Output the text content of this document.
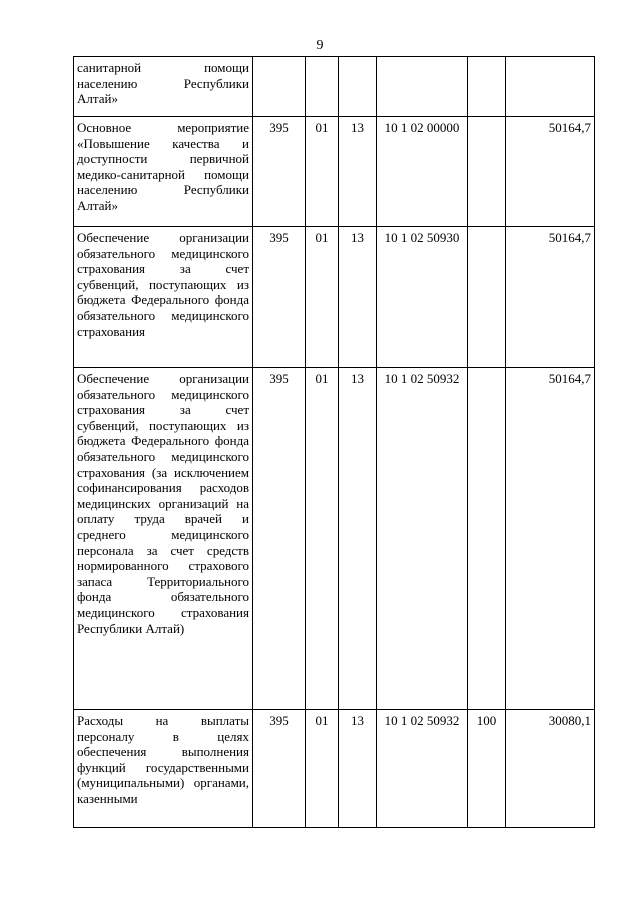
9
санитарной помощи населению Республики Алтай»						
Основное мероприятие «Повышение качества и доступности первичной медико-санитарной помощи населению Республики Алтай»	395	01	13	10 1 02 00000		50164,7
Обеспечение организации обязательного медицинского страхования за счет субвенций, поступающих из бюджета Федерального фонда обязательного медицинского страхования	395	01	13	10 1 02 50930		50164,7
Обеспечение организации обязательного медицинского страхования за счет субвенций, поступающих из бюджета Федерального фонда обязательного медицинского страхования (за исключением софинансирования расходов медицинских организаций на оплату труда врачей и среднего медицинского персонала за счет средств нормированного страхового запаса Территориального фонда обязательного медицинского страхования Республики Алтай)	395	01	13	10 1 02 50932		50164,7
Расходы на выплаты персоналу в целях обеспечения выполнения функций государственными (муниципальными) органами, казенными	395	01	13	10 1 02 50932	100	30080,1
